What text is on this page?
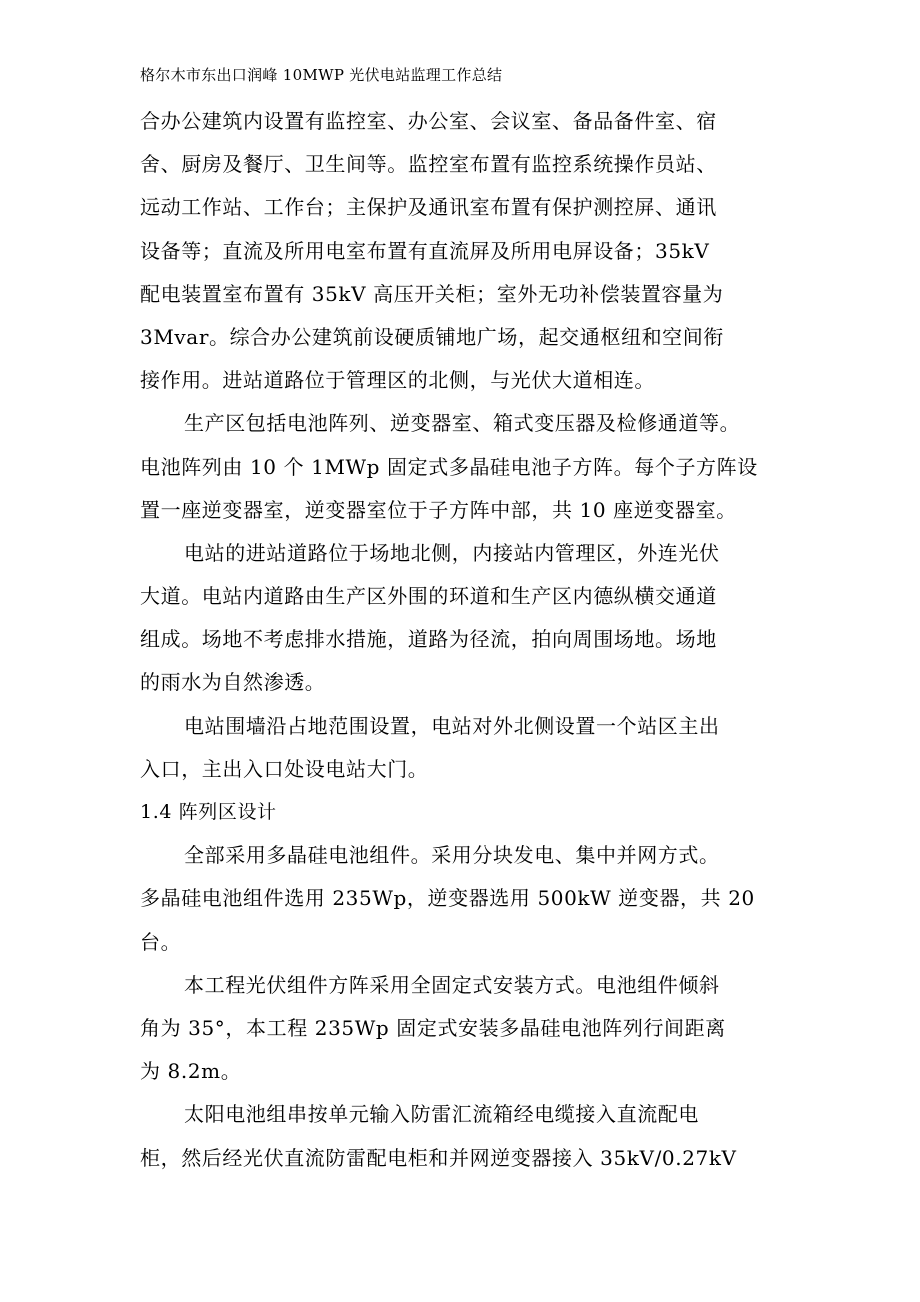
格尔木市东出口润峰 10MWP 光伏电站监理工作总结
合办公建筑内设置有监控室、办公室、会议室、备品备件室、宿
舍、厨房及餐厅、卫生间等。监控室布置有监控系统操作员站、
远动工作站、工作台；主保护及通讯室布置有保护测控屏、通讯
设备等；直流及所用电室布置有直流屏及所用电屏设备；35kV
配电装置室布置有 35kV 高压开关柜；室外无功补偿装置容量为
3Mvar。综合办公建筑前设硬质铺地广场，起交通枢纽和空间衔
接作用。进站道路位于管理区的北侧，与光伏大道相连。
生产区包括电池阵列、逆变器室、箱式变压器及检修通道等。
电池阵列由 10 个 1MWp 固定式多晶硅电池子方阵。每个子方阵设
置一座逆变器室，逆变器室位于子方阵中部，共 10 座逆变器室。
电站的进站道路位于场地北侧，内接站内管理区，外连光伏
大道。电站内道路由生产区外围的环道和生产区内德纵横交通道
组成。场地不考虑排水措施，道路为径流，拍向周围场地。场地
的雨水为自然渗透。
电站围墙沿占地范围设置，电站对外北侧设置一个站区主出
入口，主出入口处设电站大门。
1.4 阵列区设计
全部采用多晶硅电池组件。采用分块发电、集中并网方式。
多晶硅电池组件选用 235Wp，逆变器选用 500kW 逆变器，共 20
台。
本工程光伏组件方阵采用全固定式安装方式。电池组件倾斜
角为 35°，本工程 235Wp 固定式安装多晶硅电池阵列行间距离
为 8.2m。
太阳电池组串按单元输入防雷汇流箱经电缆接入直流配电
柜，然后经光伏直流防雷配电柜和并网逆变器接入 35kV/0.27kV
